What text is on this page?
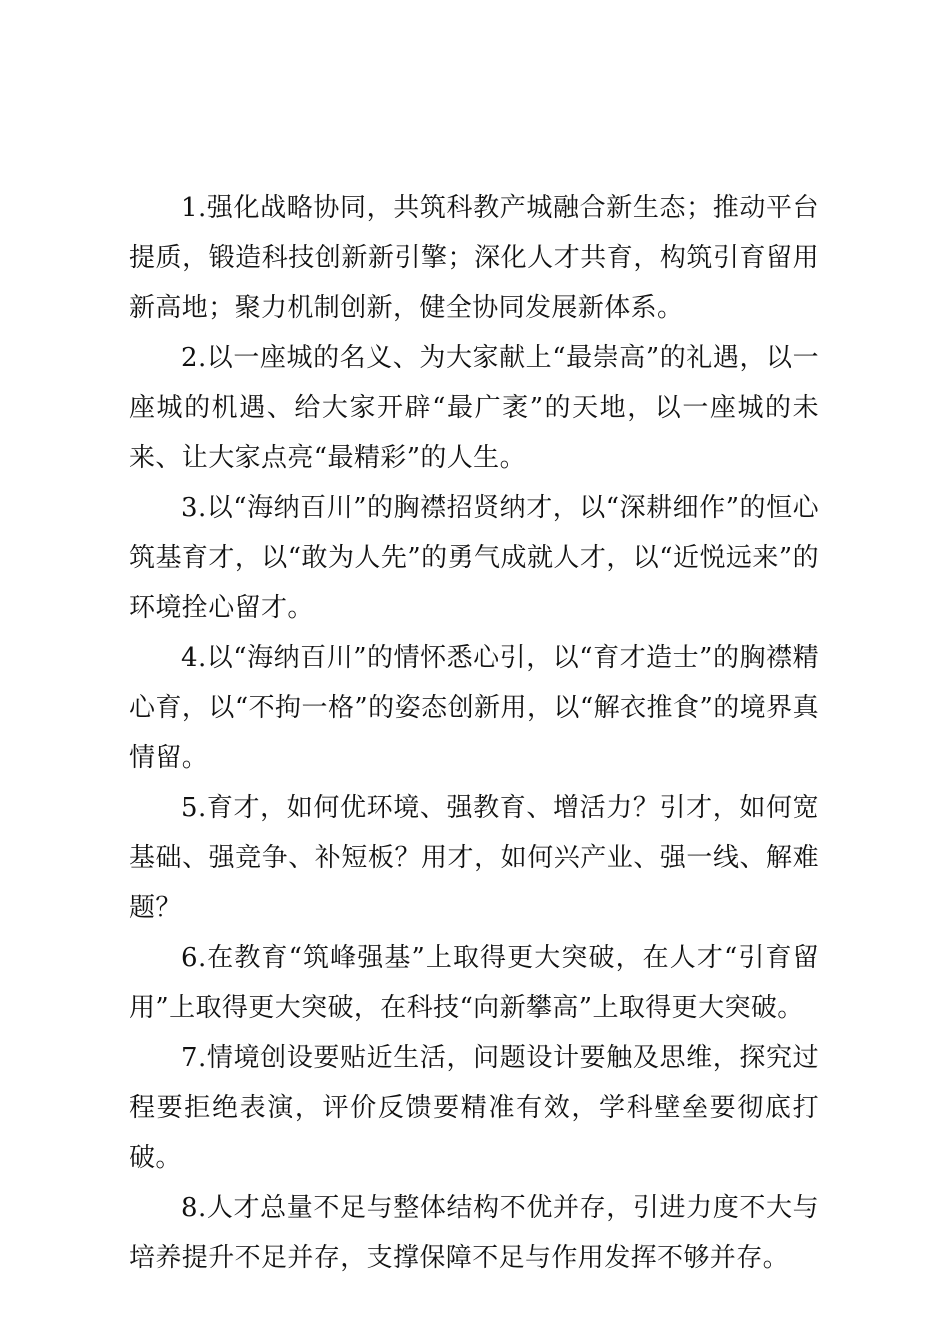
1.强化战略协同，共筑科教产城融合新生态；推动平台提质，锻造科技创新新引擎；深化人才共育，构筑引育留用新高地；聚力机制创新，健全协同发展新体系。

2.以一座城的名义、为大家献上“最崇高”的礼遇，以一座城的机遇、给大家开辟“最广袤”的天地，以一座城的未来、让大家点亮“最精彩”的人生。

3.以“海纳百川”的胸襟招贤纳才，以“深耕细作”的恒心筑基育才，以“敢为人先”的勇气成就人才，以“近悦远来”的环境拴心留才。

4.以“海纳百川”的情怀悉心引，以“育才造士”的胸襟精心育，以“不拘一格”的姿态创新用，以“解衣推食”的境界真情留。

5.育才，如何优环境、强教育、增活力？引才，如何宽基础、强竞争、补短板？用才，如何兴产业、强一线、解难题？

6.在教育“筑峰强基”上取得更大突破，在人才“引育留用”上取得更大突破，在科技“向新攀高”上取得更大突破。

7.情境创设要贴近生活，问题设计要触及思维，探究过程要拒绝表演，评价反馈要精准有效，学科壁垒要彻底打破。

8.人才总量不足与整体结构不优并存，引进力度不大与培养提升不足并存，支撑保障不足与作用发挥不够并存。
